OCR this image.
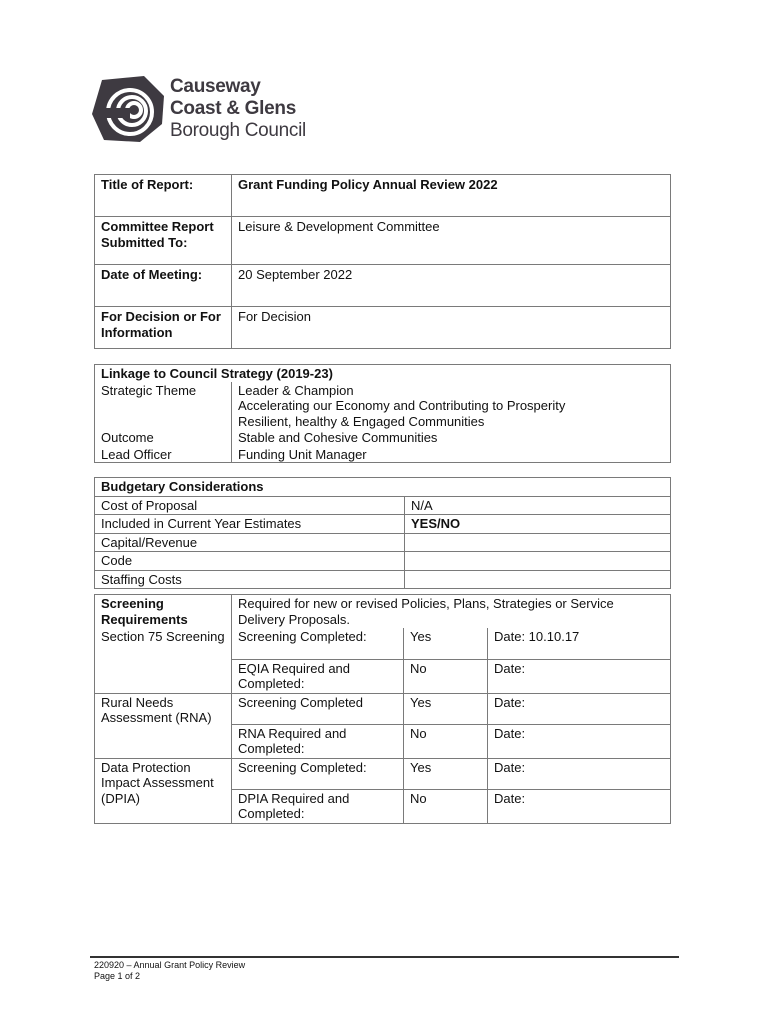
Causeway
Coast & Glens
Borough Council
Title of Report:	Grant Funding Policy Annual Review 2022
Committee Report Submitted To:	Leisure & Development Committee
Date of Meeting:	20 September 2022
For Decision or For Information	For Decision
Linkage to Council Strategy (2019-23)	
Strategic Theme	Leader & Champion
Accelerating our Economy and Contributing to Prosperity
Resilient, healthy & Engaged Communities

Outcome	Stable and Cohesive Communities
Lead Officer	Funding Unit Manager
Budgetary Considerations	
Cost of Proposal	N/A
Included in Current Year Estimates	YES/NO
Capital/Revenue	
Code	
Staffing Costs	
Screening Requirements	Required for new or revised Policies, Plans, Strategies or Service Delivery Proposals.		
Section 75 Screening	Screening Completed:	Yes	Date: 10.10.17
	EQIA Required and Completed:	No	Date:
Rural Needs Assessment (RNA)	Screening Completed	Yes	Date:
	RNA Required and Completed:	No	Date:
Data Protection Impact Assessment (DPIA)	Screening Completed:	Yes	Date:
	DPIA Required and Completed:	No	Date:
220920 – Annual Grant Policy Review
Page 1 of 2
